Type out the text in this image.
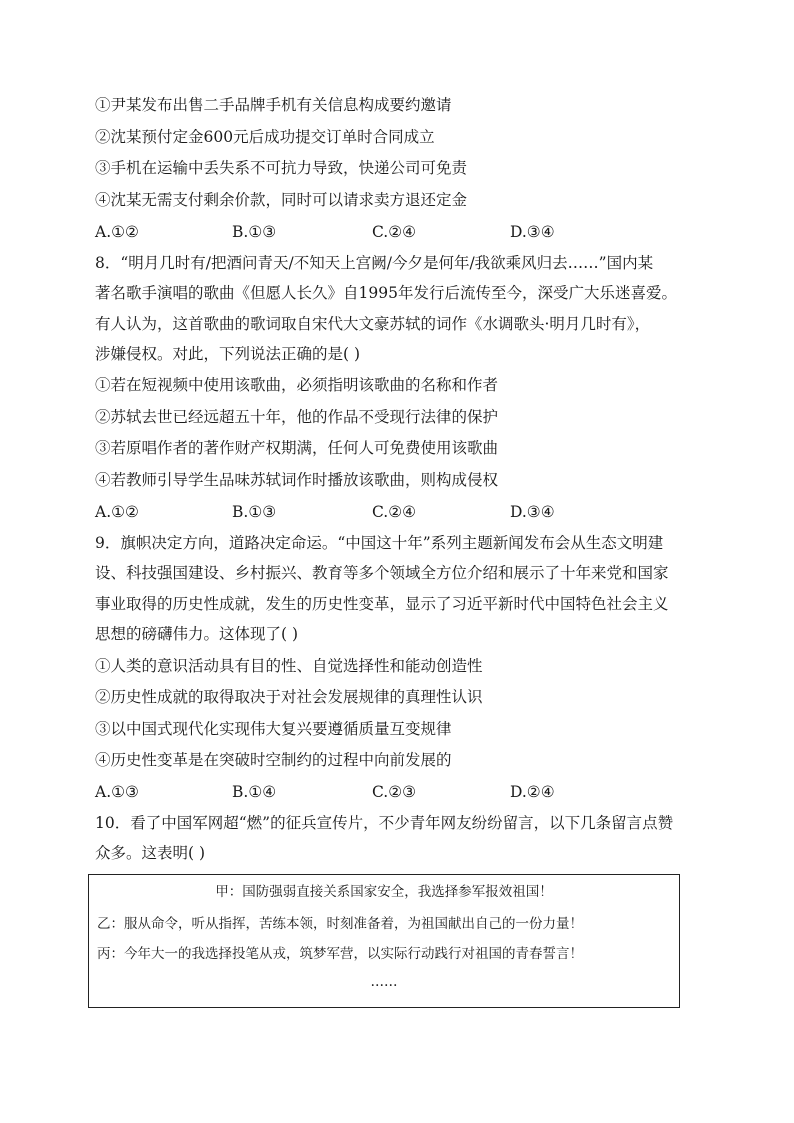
①尹某发布出售二手品牌手机有关信息构成要约邀请
②沈某预付定金600元后成功提交订单时合同成立
③手机在运输中丢失系不可抗力导致，快递公司可免责
④沈某无需支付剩余价款，同时可以请求卖方退还定金
A.①②	B.①③	C.②④	D.③④
8．“明月几时有/把酒问青天/不知天上宫阙/今夕是何年/我欲乘风归去……”国内某
著名歌手演唱的歌曲《但愿人长久》自1995年发行后流传至今，深受广大乐迷喜爱。
有人认为，这首歌曲的歌词取自宋代大文豪苏轼的词作《水调歌头·明月几时有》，
涉嫌侵权。对此，下列说法正确的是( )
①若在短视频中使用该歌曲，必须指明该歌曲的名称和作者
②苏轼去世已经远超五十年，他的作品不受现行法律的保护
③若原唱作者的著作财产权期满，任何人可免费使用该歌曲
④若教师引导学生品味苏轼词作时播放该歌曲，则构成侵权
A.①②	B.①③	C.②④	D.③④
9．旗帜决定方向，道路决定命运。“中国这十年”系列主题新闻发布会从生态文明建
设、科技强国建设、乡村振兴、教育等多个领域全方位介绍和展示了十年来党和国家
事业取得的历史性成就，发生的历史性变革，显示了习近平新时代中国特色社会主义
思想的磅礴伟力。这体现了( )
①人类的意识活动具有目的性、自觉选择性和能动创造性
②历史性成就的取得取决于对社会发展规律的真理性认识
③以中国式现代化实现伟大复兴要遵循质量互变规律
④历史性变革是在突破时空制约的过程中向前发展的
A.①③	B.①④	C.②③	D.②④
10．看了中国军网超“燃”的征兵宣传片，不少青年网友纷纷留言，以下几条留言点赞
众多。这表明( )
甲：国防强弱直接关系国家安全，我选择参军报效祖国！
乙：服从命令，听从指挥，苦练本领，时刻准备着，为祖国献出自己的一份力量！
丙：今年大一的我选择投笔从戎，筑梦军营，以实际行动践行对祖国的青春誓言！
……
